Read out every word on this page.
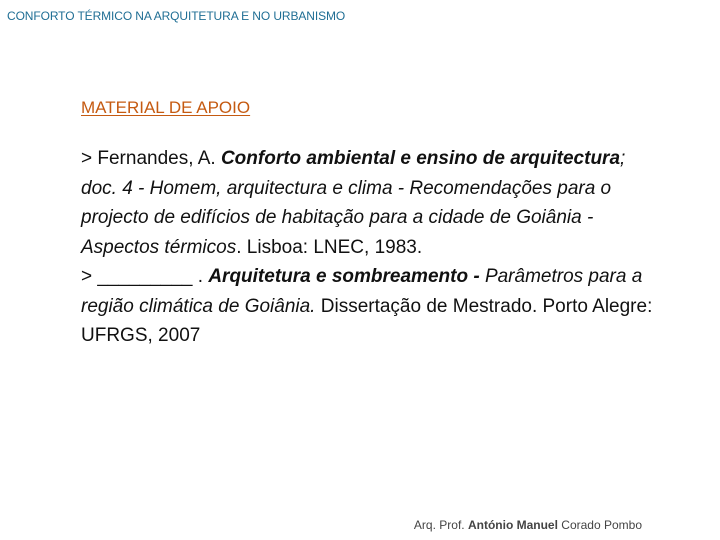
CONFORTO TÉRMICO NA ARQUITETURA E NO URBANISMO
MATERIAL DE APOIO
> Fernandes, A. Conforto ambiental e ensino de arquitectura; doc. 4 - Homem, arquitectura e clima - Recomendações para o projecto de edifícios de habitação para a cidade de Goiânia - Aspectos térmicos. Lisboa: LNEC, 1983.
> _________ . Arquitetura e sombreamento - Parâmetros para a região climática de Goiânia. Dissertação de Mestrado. Porto Alegre: UFRGS, 2007
Arq. Prof. António Manuel Corado Pombo
